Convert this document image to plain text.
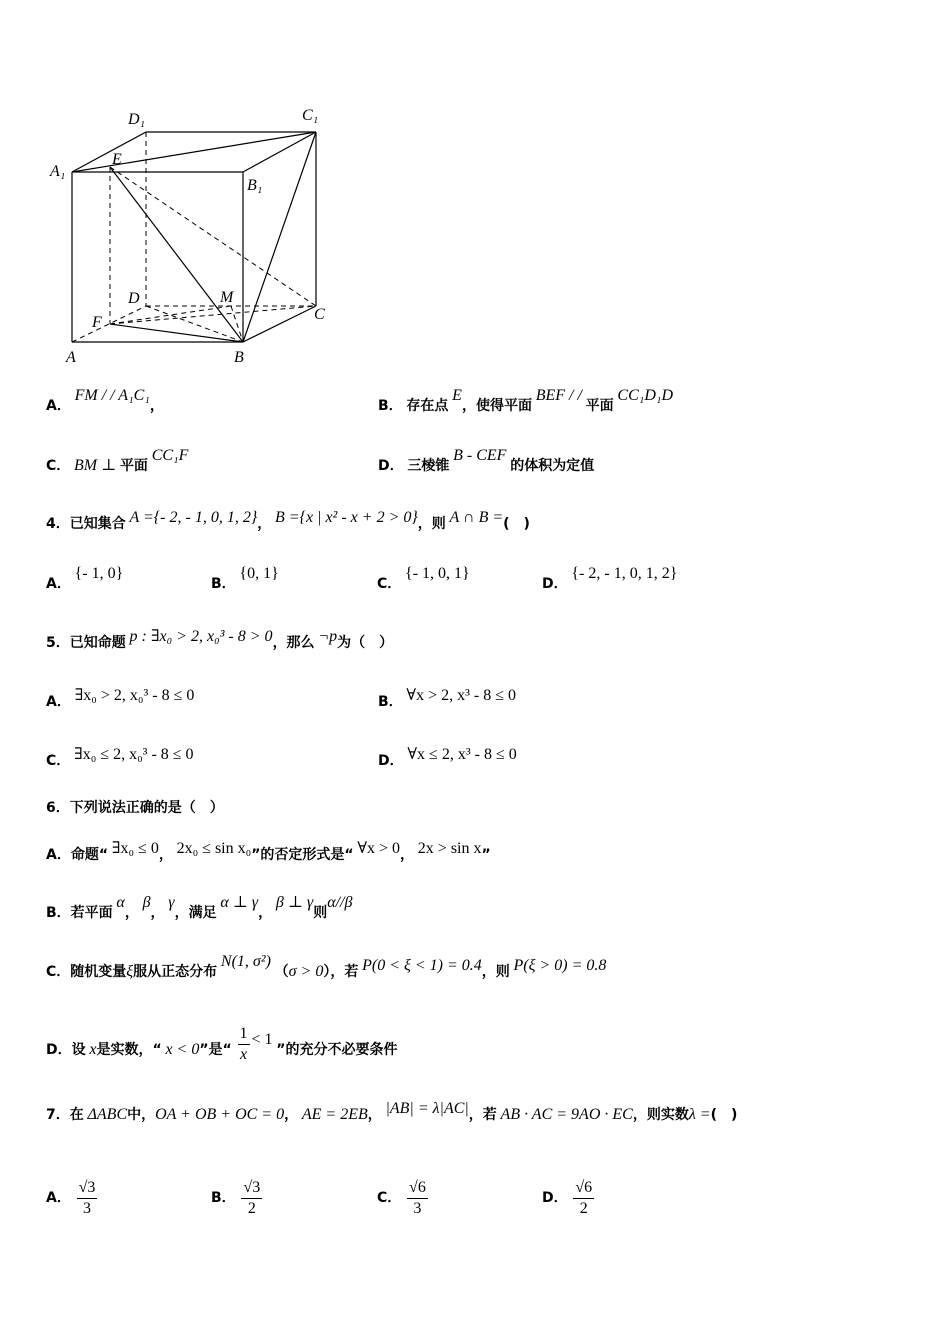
D₁	C₁
A₁
E
B₁
D	M
F	C
A	B
A． FM / / A₁C₁，	B． 存在点 E，使得平面 BEF / / 平面 CC₁D₁D
C． BM ⊥ 平面 CC₁F
D． 三棱锥 B - CEF 的体积为定值
4．已知集合 A ={- 2, - 1, 0, 1, 2}， B ={x | x² - x + 2 > 0}，则 A ∩ B =(　)
A． {- 1, 0}
B． {0, 1}
C． {- 1, 0, 1}
D． {- 2, - 1, 0, 1, 2}
5．已知命题 p : ∃x₀ > 2, x₀³ - 8 > 0，那么 ¬p为（　）
A． ∃x₀ > 2, x₀³ - 8 ≤ 0	B． ∀x > 2, x³ - 8 ≤ 0
C． ∃x₀ ≤ 2, x₀³ - 8 ≤ 0	D． ∀x ≤ 2, x³ - 8 ≤ 0
6．下列说法正确的是（　）
A．命题“ ∃x₀ ≤ 0， 2x₀ ≤ sin x₀”的否定形式是“ ∀x > 0， 2x > sin x”
B．若平面 α， β， γ，满足 α ⊥ γ， β ⊥ γ则α//β
C．随机变量ξ服从正态分布 N(1, σ²) （σ > 0），若 P(0 < ξ < 1) = 0.4，则 P(ξ > 0) = 0.8
D．设 x是实数，“ x < 0”是“ $\frac{1}{x} < 1$ ”的充分不必要条件
7．在 ΔABC中，OA + OB + OC = 0， AE = 2EB， |AB| = λ|AC|，若 AB · AC = 9AO · EC，则实数λ =(　)
A． $\frac{√3}{3}$	B． $\frac{√3}{2}$	C． $\frac{√6}{3}$	D． $\frac{√6}{2}$
